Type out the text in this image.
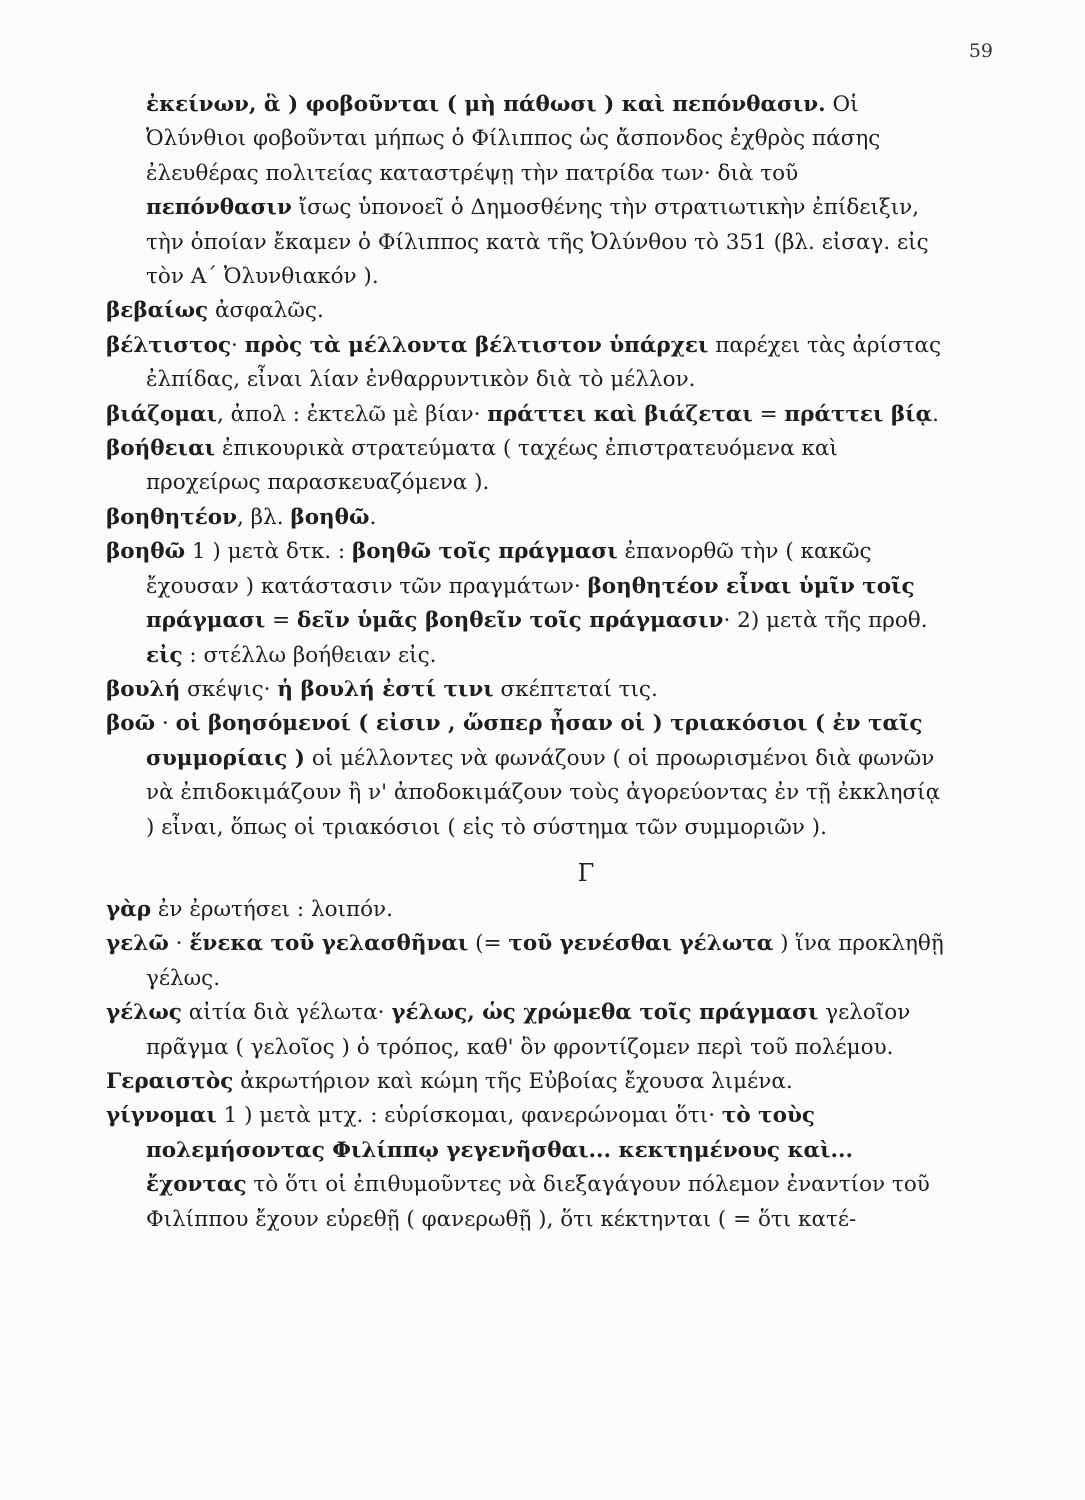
59

ἐκείνων, ἃ ) φοβοῦνται ( μὴ πάθωσι ) καὶ πεπόνθασιν. Οἱ Ὀλύνθιοι φοβοῦνται μήπως ὁ Φίλιππος ὡς ἄσπονδος ἐχθρὸς πάσης ἐλευθέρας πολιτείας καταστρέψῃ τὴν πατρίδα των· διὰ τοῦ πεπόνθασιν ἴσως ὑπονοεῖ ὁ Δημοσθένης τὴν στρατιωτικὴν ἐπίδειξιν, τὴν ὁποίαν ἔκαμεν ὁ Φίλιππος κατὰ τῆς Ὀλύνθου τὸ 351 (βλ. εἰσαγ. εἰς τὸν Α΄ Ὀλυνθιακόν ).

βεβαίως ἀσφαλῶς.

βέλτιστος· πρὸς τὰ μέλλοντα βέλτιστον ὑπάρχει παρέχει τὰς ἀρίστας ἐλπίδας, εἶναι λίαν ἐνθαρρυντικὸν διὰ τὸ μέλλον.

βιάζομαι, ἀπολ : ἐκτελῶ μὲ βίαν· πράττει καὶ βιάζεται = πράττει βίᾳ.

βοήθειαι ἐπικουρικὰ στρατεύματα ( ταχέως ἐπιστρατευόμενα καὶ προχείρως παρασκευαζόμενα ).

βοηθητέον, βλ. βοηθῶ.

βοηθῶ 1 ) μετὰ δτκ. : βοηθῶ τοῖς πράγμασι ἐπανορθῶ τὴν ( κακῶς ἔχουσαν ) κατάστασιν τῶν πραγμάτων· βοηθητέον εἶναι ὑμῖν τοῖς πράγμασι = δεῖν ὑμᾶς βοηθεῖν τοῖς πράγμασιν· 2) μετὰ τῆς προθ. εἰς : στέλλω βοήθειαν εἰς.

βουλή σκέψις· ἡ βουλή ἐστί τινι σκέπτεταί τις.

βοῶ · οἱ βοησόμενοί ( εἰσιν , ὥσπερ ἦσαν οἱ ) τριακόσιοι ( ἐν ταῖς συμμορίαις ) οἱ μέλλοντες νὰ φωνάζουν ( οἱ προωρισμένοι διὰ φωνῶν νὰ ἐπιδοκιμάζουν ἢ ν' ἀποδοκιμάζουν τοὺς ἀγορεύοντας ἐν τῇ ἐκκλησίᾳ ) εἶναι, ὅπως οἱ τριακόσιοι ( εἰς τὸ σύστημα τῶν συμμοριῶν ).

Γ

γὰρ ἐν ἐρωτήσει : λοιπόν.

γελῶ · ἕνεκα τοῦ γελασθῆναι (= τοῦ γενέσθαι γέλωτα ) ἵνα προκληθῇ γέλως.

γέλως αἰτία διὰ γέλωτα· γέλως, ὡς χρώμεθα τοῖς πράγμασι γελοῖον πρᾶγμα ( γελοῖος ) ὁ τρόπος, καθ' ὃν φροντίζομεν περὶ τοῦ πολέμου.

Γεραιστὸς ἀκρωτήριον καὶ κώμη τῆς Εὐβοίας ἔχουσα λιμένα.

γίγνομαι 1 ) μετὰ μτχ. : εὑρίσκομαι, φανερώνομαι ὅτι· τὸ τοὺς πολεμήσοντας Φιλίππῳ γεγενῆσθαι... κεκτημένους καὶ... ἔχοντας τὸ ὅτι οἱ ἐπιθυμοῦντες νὰ διεξαγάγουν πόλεμον ἐναντίον τοῦ Φιλίππου ἔχουν εὑρεθῇ ( φανερωθῇ ), ὅτι κέκτηνται ( = ὅτι κατέ-
